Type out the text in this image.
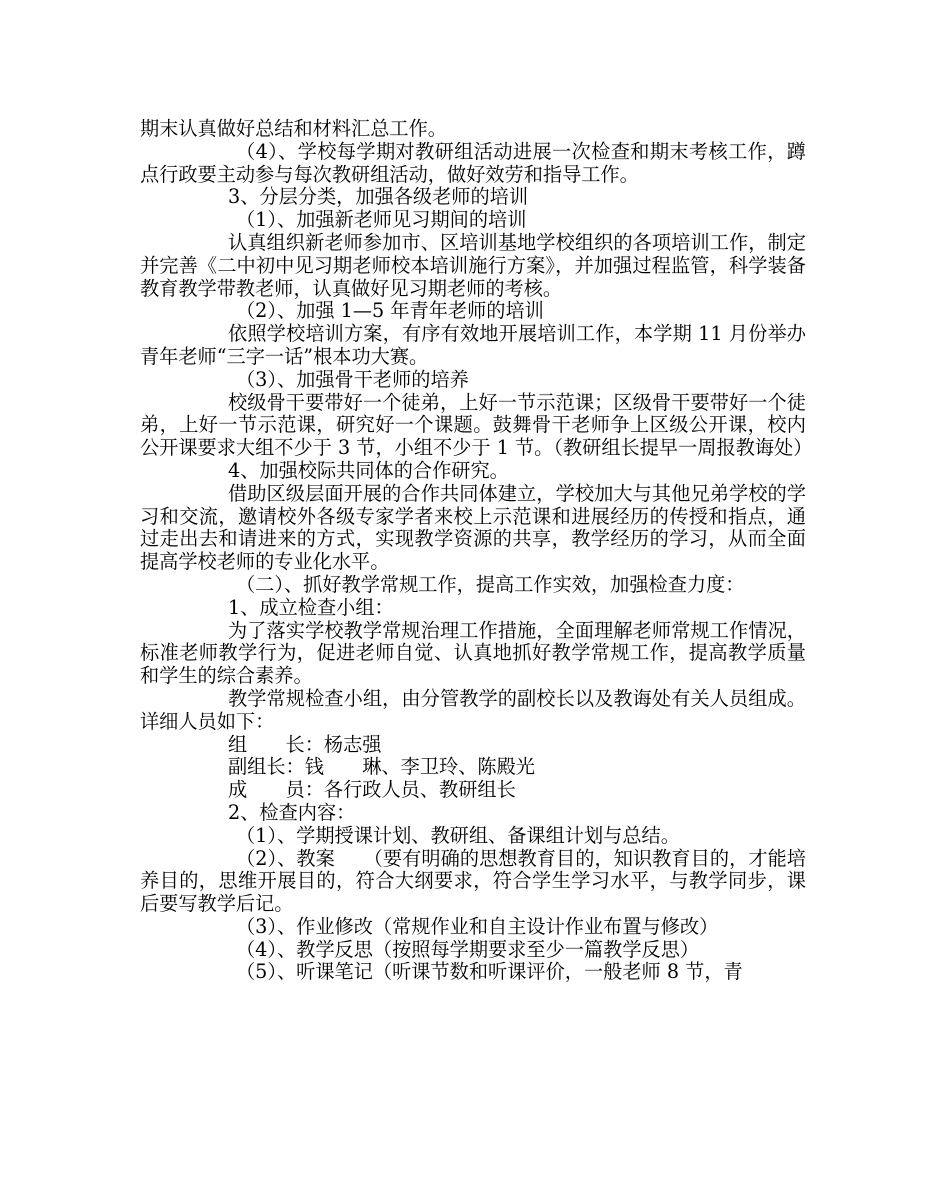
期末认真做好总结和材料汇总工作。

（4）、学校每学期对教研组活动进展一次检查和期末考核工作，蹲点行政要主动参与每次教研组活动，做好效劳和指导工作。

3、分层分类，加强各级老师的培训

（1）、加强新老师见习期间的培训

认真组织新老师参加市、区培训基地学校组织的各项培训工作，制定并完善《二中初中见习期老师校本培训施行方案》，并加强过程监管，科学装备教育教学带教老师，认真做好见习期老师的考核。

（2）、加强 1—5 年青年老师的培训

依照学校培训方案，有序有效地开展培训工作，本学期 11 月份举办青年老师“三字一话”根本功大赛。

（3）、加强骨干老师的培养

校级骨干要带好一个徒弟，上好一节示范课；区级骨干要带好一个徒弟，上好一节示范课，研究好一个课题。鼓舞骨干老师争上区级公开课，校内公开课要求大组不少于 3 节，小组不少于 1 节。（教研组长提早一周报教诲处）

4、加强校际共同体的合作研究。

借助区级层面开展的合作共同体建立，学校加大与其他兄弟学校的学习和交流，邀请校外各级专家学者来校上示范课和进展经历的传授和指点，通过走出去和请进来的方式，实现教学资源的共享，教学经历的学习，从而全面提高学校老师的专业化水平。

（二）、抓好教学常规工作，提高工作实效，加强检查力度：

1、成立检查小组：

为了落实学校教学常规治理工作措施，全面理解老师常规工作情况，标准老师教学行为，促进老师自觉、认真地抓好教学常规工作，提高教学质量和学生的综合素养。

教学常规检查小组，由分管教学的副校长以及教诲处有关人员组成。详细人员如下：

组　　长：杨志强

副组长：钱　　琳、李卫玲、陈殿光

成　　员：各行政人员、教研组长

2、检查内容：

（1）、学期授课计划、教研组、备课组计划与总结。

（2）、教案　　（要有明确的思想教育目的，知识教育目的，才能培养目的，思维开展目的，符合大纲要求，符合学生学习水平，与教学同步，课后要写教学后记。

（3）、作业修改（常规作业和自主设计作业布置与修改）

（4）、教学反思（按照每学期要求至少一篇教学反思）

（5）、听课笔记（听课节数和听课评价，一般老师 8 节，青
